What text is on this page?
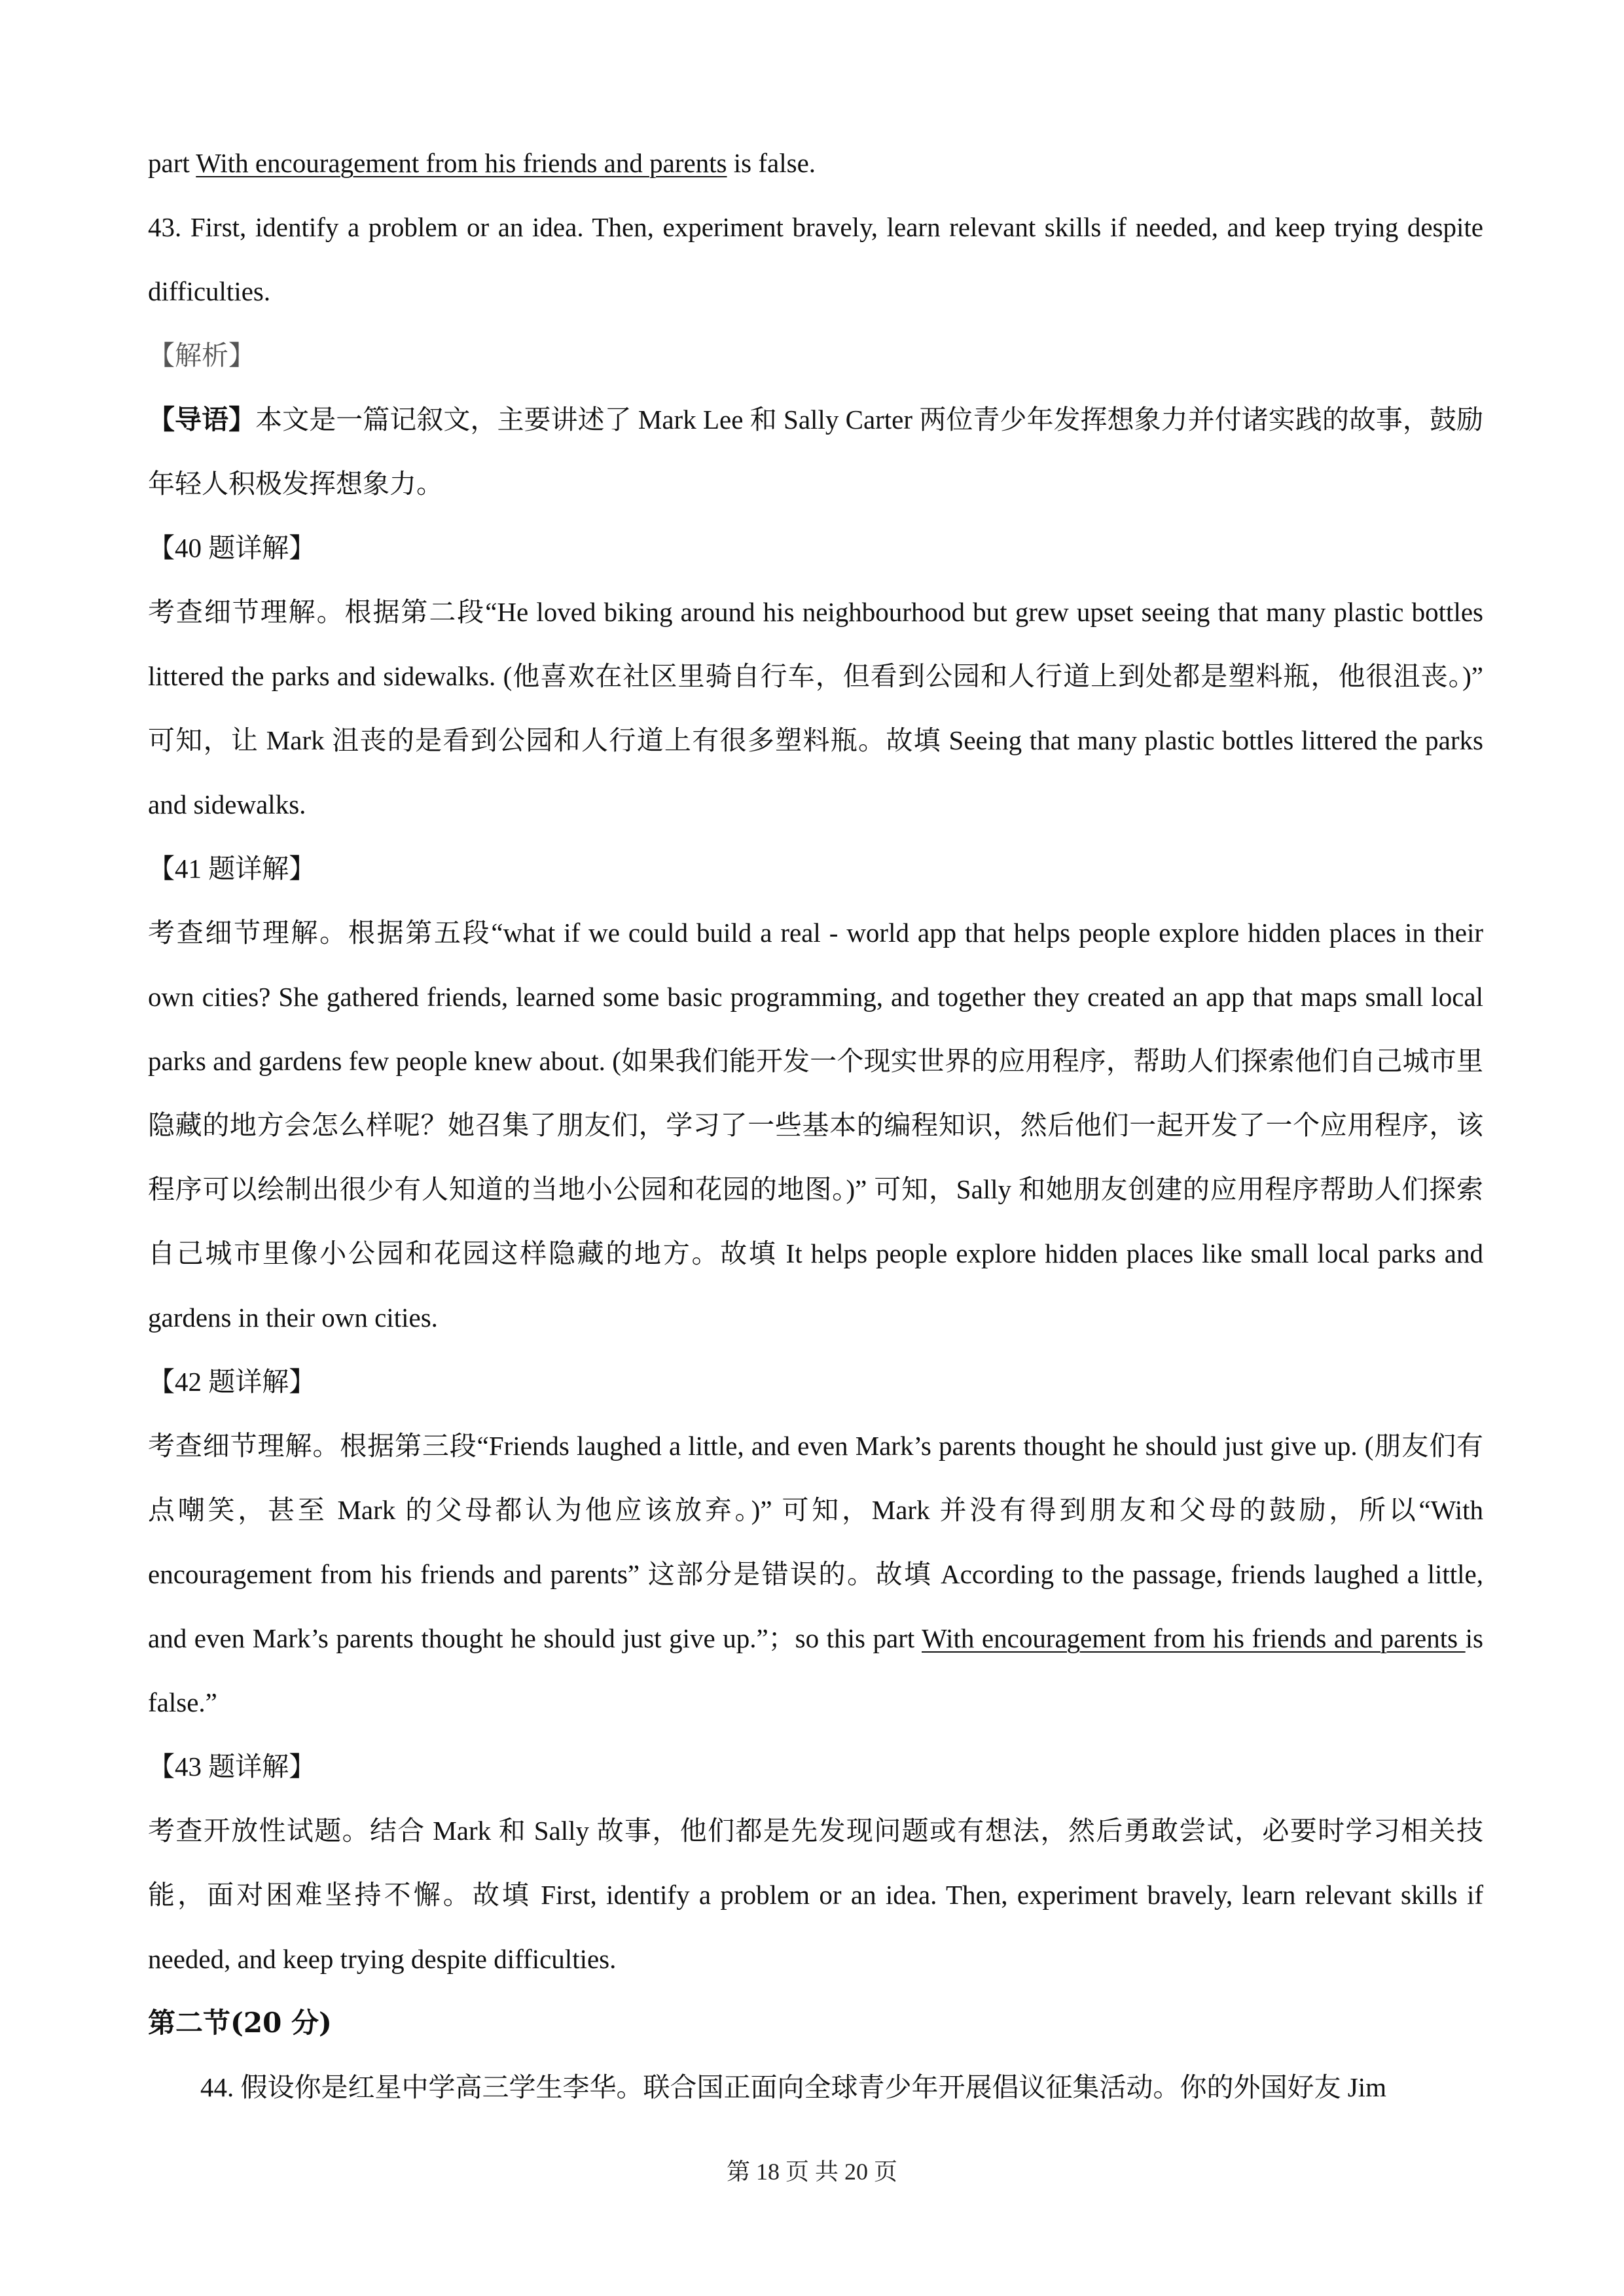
part With encouragement from his friends and parents is false.

43. First, identify a problem or an idea. Then, experiment bravely, learn relevant skills if needed, and keep trying despite difficulties.

【解析】

【导语】本文是一篇记叙文，主要讲述了 Mark Lee 和 Sally Carter 两位青少年发挥想象力并付诸实践的故事，鼓励年轻人积极发挥想象力。

【40 题详解】

考查细节理解。根据第二段“He loved biking around his neighbourhood but grew upset seeing that many plastic bottles littered the parks and sidewalks. (他喜欢在社区里骑自行车，但看到公园和人行道上到处都是塑料瓶，他很沮丧。)” 可知，让 Mark 沮丧的是看到公园和人行道上有很多塑料瓶。故填 Seeing that many plastic bottles littered the parks and sidewalks.

【41 题详解】

考查细节理解。根据第五段“what if we could build a real - world app that helps people explore hidden places in their own cities? She gathered friends, learned some basic programming, and together they created an app that maps small local parks and gardens few people knew about. (如果我们能开发一个现实世界的应用程序，帮助人们探索他们自己城市里隐藏的地方会怎么样呢？她召集了朋友们，学习了一些基本的编程知识，然后他们一起开发了一个应用程序，该程序可以绘制出很少有人知道的当地小公园和花园的地图。)” 可知，Sally 和她朋友创建的应用程序帮助人们探索自己城市里像小公园和花园这样隐藏的地方。故填 It helps people explore hidden places like small local parks and gardens in their own cities.

【42 题详解】

考查细节理解。根据第三段“Friends laughed a little, and even Mark’s parents thought he should just give up. (朋友们有点嘲笑，甚至 Mark 的父母都认为他应该放弃。)” 可知，Mark 并没有得到朋友和父母的鼓励，所以“With encouragement from his friends and parents” 这部分是错误的。故填 According to the passage, friends laughed a little, and even Mark’s parents thought he should just give up.”；so this part With encouragement from his friends and parents is false.”

【43 题详解】

考查开放性试题。结合 Mark 和 Sally 故事，他们都是先发现问题或有想法，然后勇敢尝试，必要时学习相关技能，面对困难坚持不懈。故填 First, identify a problem or an idea. Then, experiment bravely, learn relevant skills if needed, and keep trying despite difficulties.

第二节(20 分)

44. 假设你是红星中学高三学生李华。联合国正面向全球青少年开展倡议征集活动。你的外国好友 Jim

第 18 页 共 20 页
